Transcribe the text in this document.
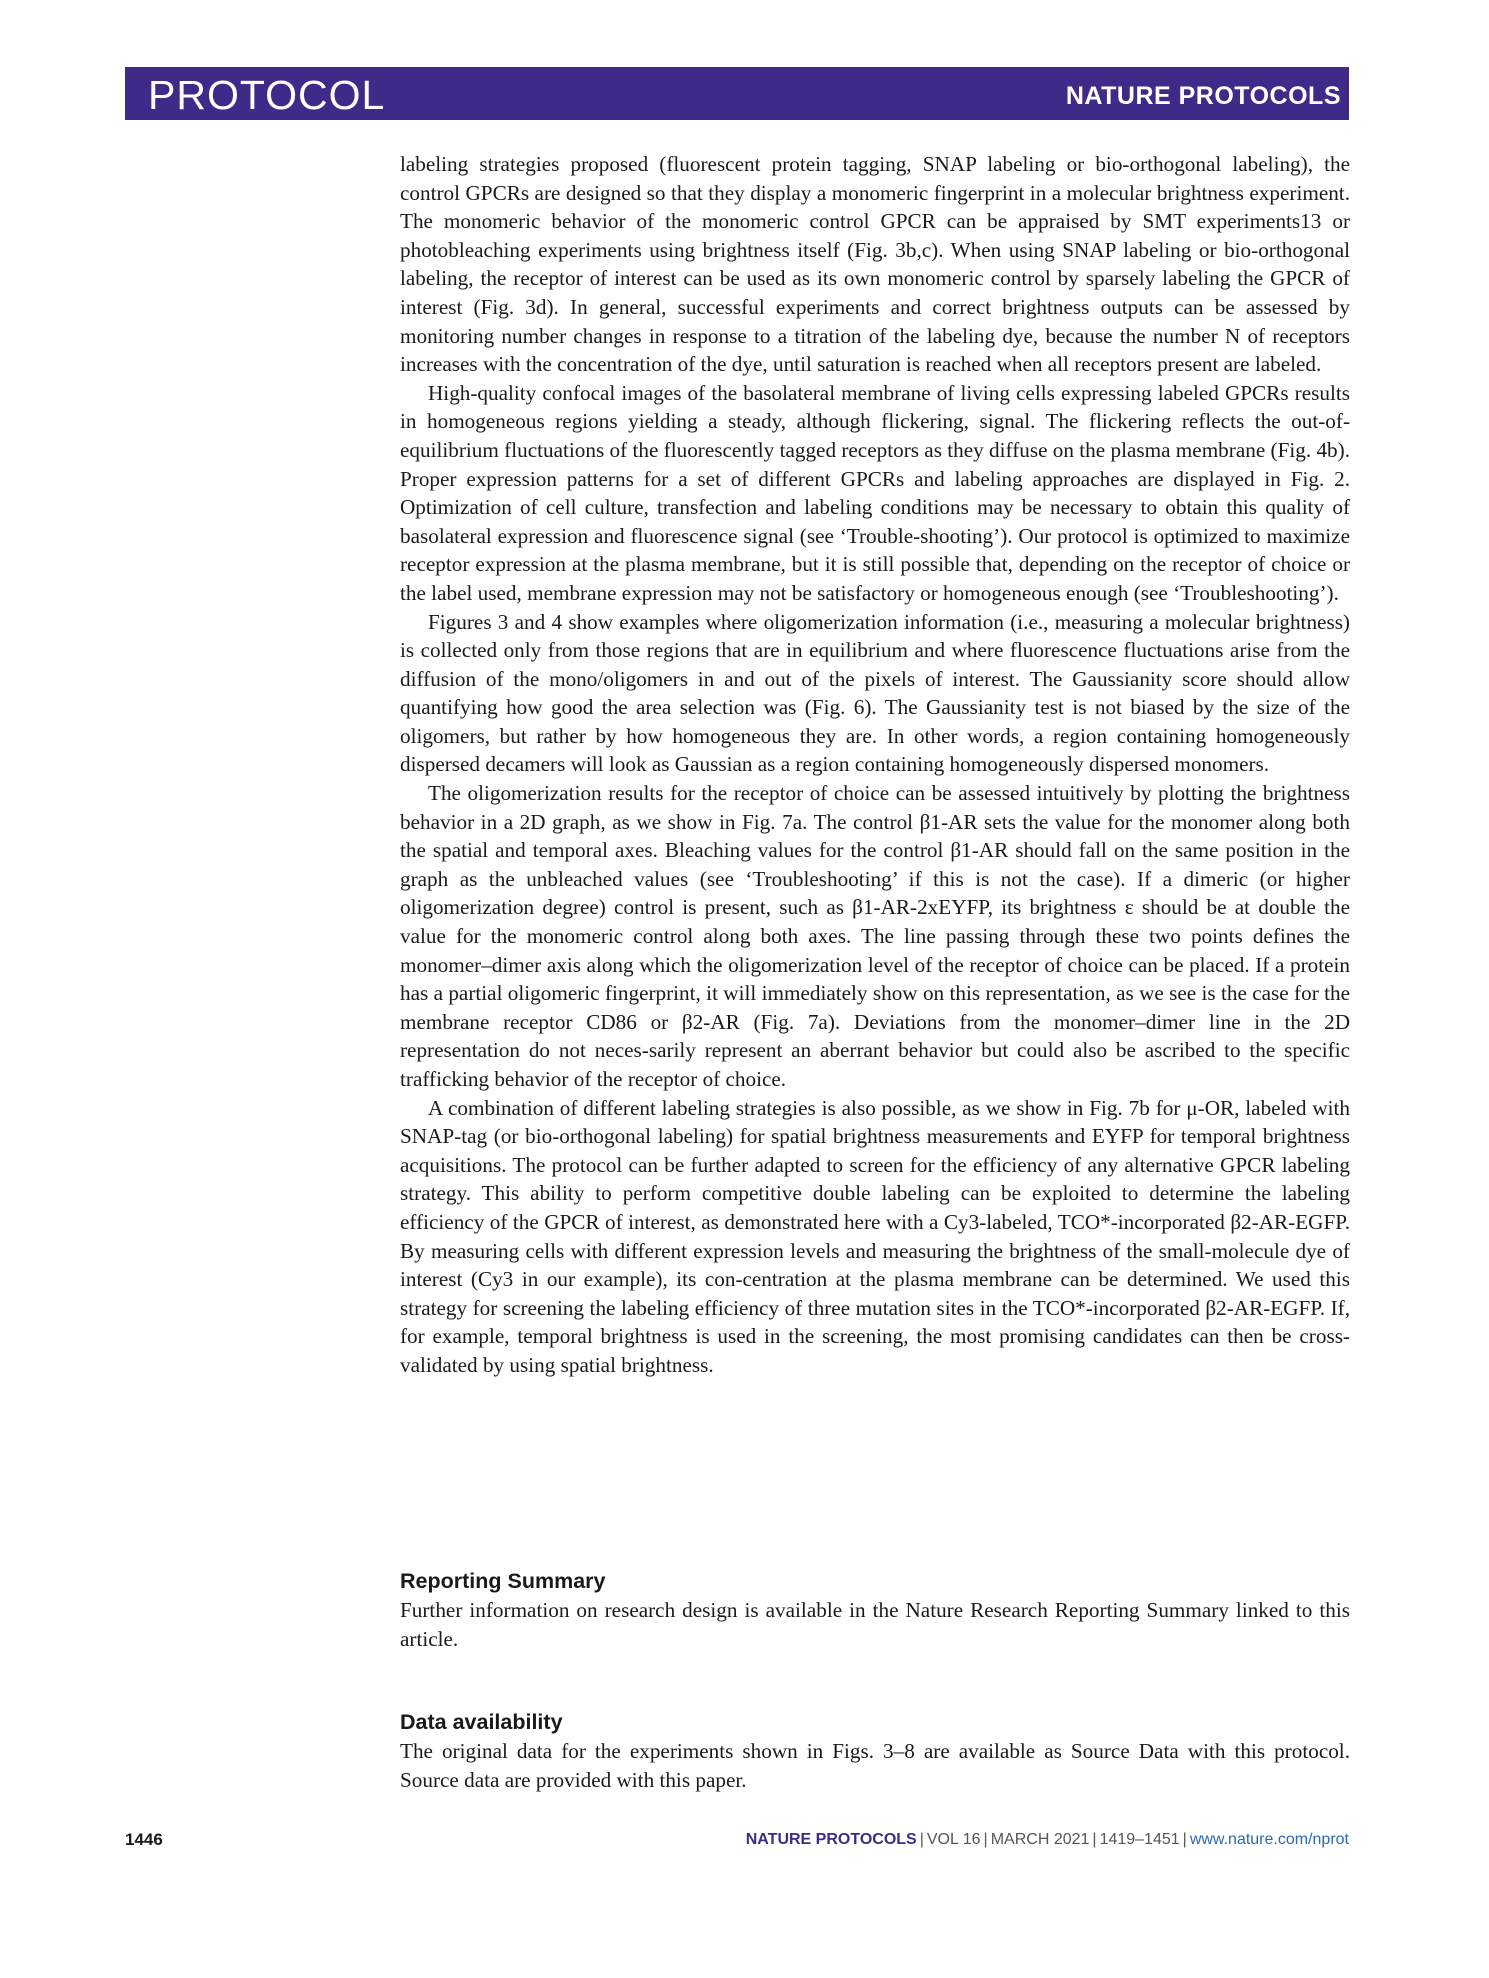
PROTOCOL	NATURE PROTOCOLS

labeling strategies proposed (fluorescent protein tagging, SNAP labeling or bio-orthogonal labeling), the control GPCRs are designed so that they display a monomeric fingerprint in a molecular brightness experiment. The monomeric behavior of the monomeric control GPCR can be appraised by SMT experiments13 or photobleaching experiments using brightness itself (Fig. 3b,c). When using SNAP labeling or bio-orthogonal labeling, the receptor of interest can be used as its own monomeric control by sparsely labeling the GPCR of interest (Fig. 3d). In general, successful experiments and correct brightness outputs can be assessed by monitoring number changes in response to a titration of the labeling dye, because the number N of receptors increases with the concentration of the dye, until saturation is reached when all receptors present are labeled.

High-quality confocal images of the basolateral membrane of living cells expressing labeled GPCRs results in homogeneous regions yielding a steady, although flickering, signal. The flickering reflects the out-of-equilibrium fluctuations of the fluorescently tagged receptors as they diffuse on the plasma membrane (Fig. 4b). Proper expression patterns for a set of different GPCRs and labeling approaches are displayed in Fig. 2. Optimization of cell culture, transfection and labeling conditions may be necessary to obtain this quality of basolateral expression and fluorescence signal (see ‘Trouble-shooting’). Our protocol is optimized to maximize receptor expression at the plasma membrane, but it is still possible that, depending on the receptor of choice or the label used, membrane expression may not be satisfactory or homogeneous enough (see ‘Troubleshooting’).

Figures 3 and 4 show examples where oligomerization information (i.e., measuring a molecular brightness) is collected only from those regions that are in equilibrium and where fluorescence fluctuations arise from the diffusion of the mono/oligomers in and out of the pixels of interest. The Gaussianity score should allow quantifying how good the area selection was (Fig. 6). The Gaussianity test is not biased by the size of the oligomers, but rather by how homogeneous they are. In other words, a region containing homogeneously dispersed decamers will look as Gaussian as a region containing homogeneously dispersed monomers.

The oligomerization results for the receptor of choice can be assessed intuitively by plotting the brightness behavior in a 2D graph, as we show in Fig. 7a. The control β1-AR sets the value for the monomer along both the spatial and temporal axes. Bleaching values for the control β1-AR should fall on the same position in the graph as the unbleached values (see ‘Troubleshooting’ if this is not the case). If a dimeric (or higher oligomerization degree) control is present, such as β1-AR-2xEYFP, its brightness ε should be at double the value for the monomeric control along both axes. The line passing through these two points defines the monomer–dimer axis along which the oligomerization level of the receptor of choice can be placed. If a protein has a partial oligomeric fingerprint, it will immediately show on this representation, as we see is the case for the membrane receptor CD86 or β2-AR (Fig. 7a). Deviations from the monomer–dimer line in the 2D representation do not neces-sarily represent an aberrant behavior but could also be ascribed to the specific trafficking behavior of the receptor of choice.

A combination of different labeling strategies is also possible, as we show in Fig. 7b for μ-OR, labeled with SNAP-tag (or bio-orthogonal labeling) for spatial brightness measurements and EYFP for temporal brightness acquisitions. The protocol can be further adapted to screen for the efficiency of any alternative GPCR labeling strategy. This ability to perform competitive double labeling can be exploited to determine the labeling efficiency of the GPCR of interest, as demonstrated here with a Cy3-labeled, TCO*-incorporated β2-AR-EGFP. By measuring cells with different expression levels and measuring the brightness of the small-molecule dye of interest (Cy3 in our example), its con-centration at the plasma membrane can be determined. We used this strategy for screening the labeling efficiency of three mutation sites in the TCO*-incorporated β2-AR-EGFP. If, for example, temporal brightness is used in the screening, the most promising candidates can then be cross-validated by using spatial brightness.

Reporting Summary

Further information on research design is available in the Nature Research Reporting Summary linked to this article.

Data availability

The original data for the experiments shown in Figs. 3–8 are available as Source Data with this protocol. Source data are provided with this paper.

1446	NATURE PROTOCOLS | VOL 16 | MARCH 2021 | 1419–1451 | www.nature.com/nprot
